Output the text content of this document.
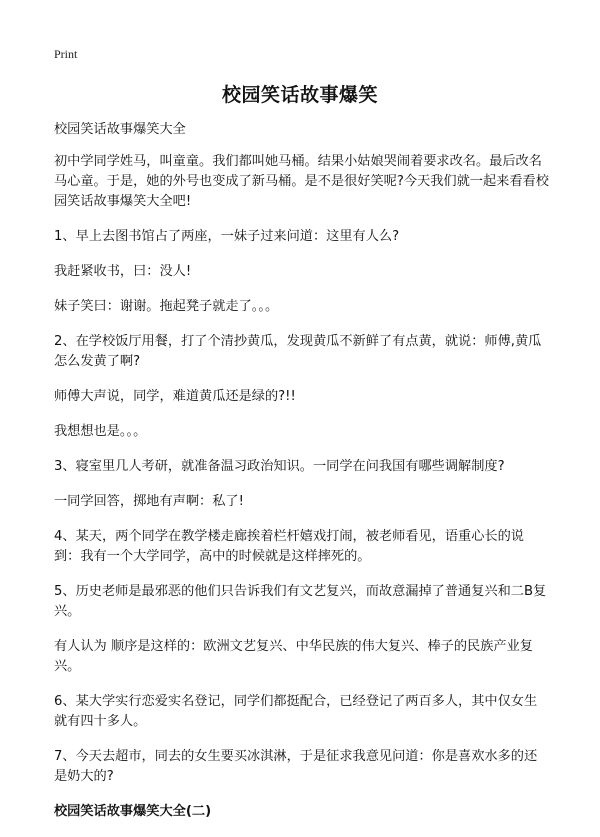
Print
校园笑话故事爆笑

校园笑话故事爆笑大全

初中学同学姓马，叫童童。我们都叫她马桶。结果小姑娘哭闹着要求改名。最后改名马心童。于是，她的外号也变成了新马桶。是不是很好笑呢?今天我们就一起来看看校园笑话故事爆笑大全吧!

1、早上去图书馆占了两座，一妹子过来问道：这里有人么?

我赶紧收书，曰：没人!

妹子笑曰：谢谢。拖起凳子就走了。。。

2、在学校饭厅用餐，打了个清抄黄瓜，发现黄瓜不新鲜了有点黄，就说：师傅,黄瓜怎么发黄了啊?

师傅大声说，同学，难道黄瓜还是绿的?!!

我想想也是。。。

3、寝室里几人考研，就准备温习政治知识。一同学在问我国有哪些调解制度?

一同学回答，掷地有声啊：私了!

4、某天，两个同学在教学楼走廊挨着栏杆嬉戏打闹，被老师看见，语重心长的说到：我有一个大学同学，高中的时候就是这样摔死的。

5、历史老师是最邪恶的他们只告诉我们有文艺复兴，而故意漏掉了普通复兴和二B复兴。

有人认为 顺序是这样的：欧洲文艺复兴、中华民族的伟大复兴、棒子的民族产业复兴。

6、某大学实行恋爱实名登记，同学们都挺配合，已经登记了两百多人，其中仅女生就有四十多人。

7、今天去超市，同去的女生要买冰淇淋，于是征求我意见问道：你是喜欢水多的还是奶大的?

校园笑话故事爆笑大全(二)
